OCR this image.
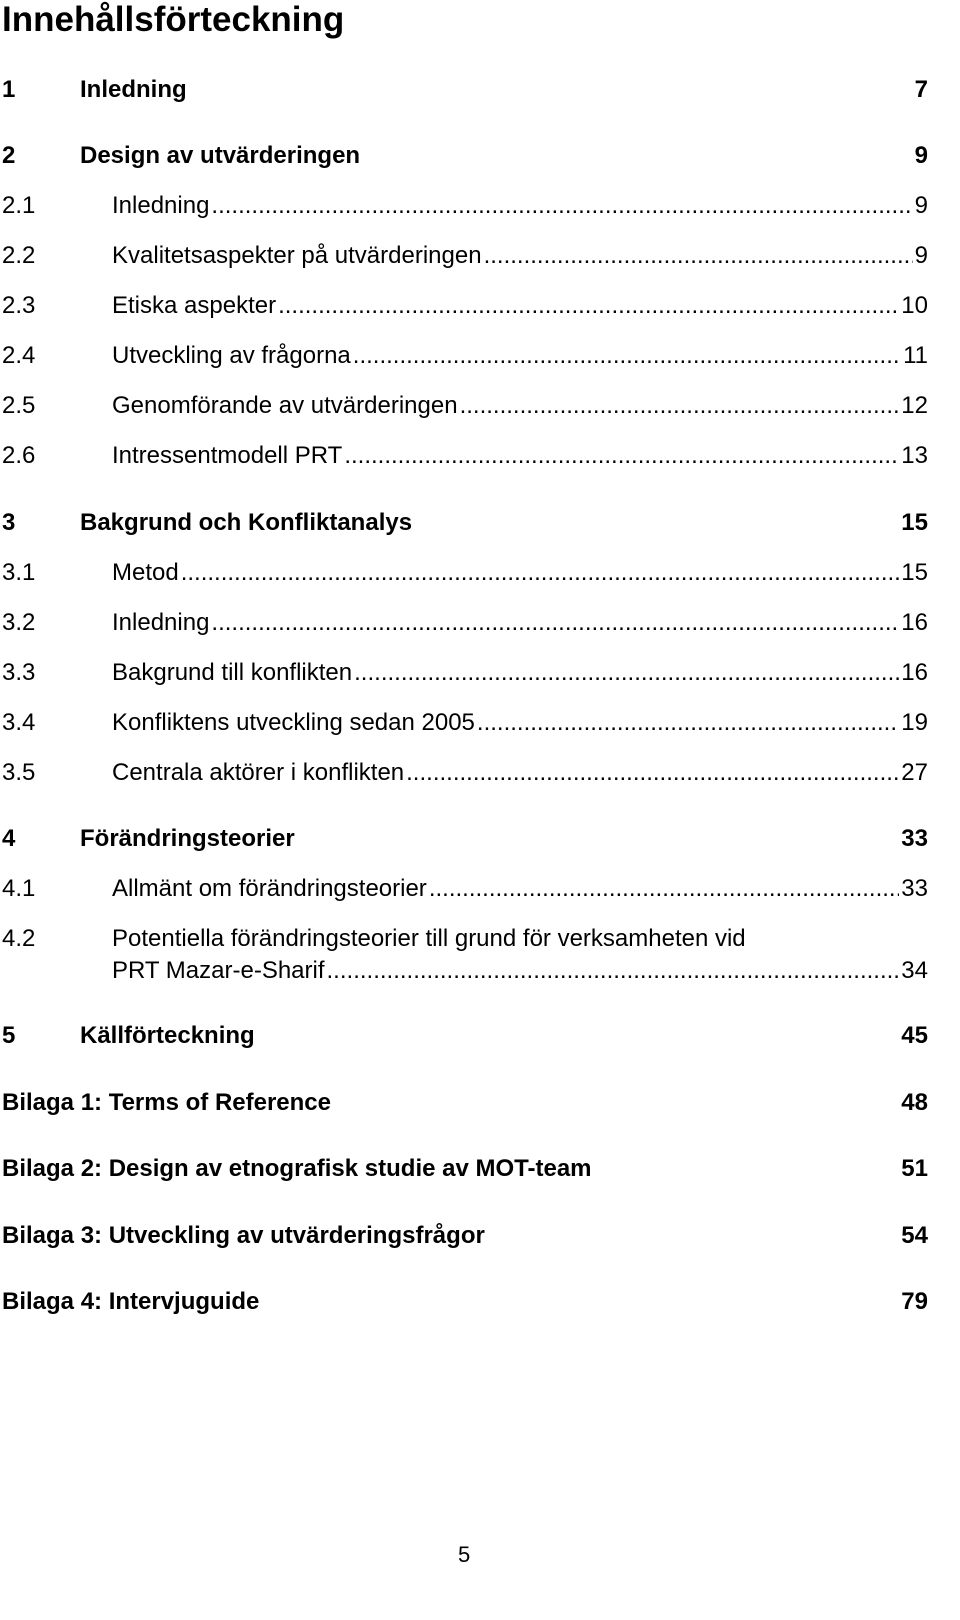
Innehållsförteckning
1	Inledning	7
2	Design av utvärderingen	9
2.1	Inledning .....	9
2.2	Kvalitetsaspekter på utvärderingen .....	9
2.3	Etiska aspekter .....	10
2.4	Utveckling av frågorna .....	11
2.5	Genomförande av utvärderingen .....	12
2.6	Intressentmodell PRT .....	13
3	Bakgrund och Konfliktanalys	15
3.1	Metod .....	15
3.2	Inledning .....	16
3.3	Bakgrund till konflikten .....	16
3.4	Konfliktens utveckling sedan 2005 .....	19
3.5	Centrala aktörer i konflikten .....	27
4	Förändringsteorier	33
4.1	Allmänt om förändringsteorier .....	33
4.2	Potentiella förändringsteorier till grund för verksamheten vid
PRT Mazar-e-Sharif .....	34
5	Källförteckning	45
Bilaga 1: Terms of Reference	48
Bilaga 2: Design av etnografisk studie av MOT-team	51
Bilaga 3: Utveckling av utvärderingsfrågor	54
Bilaga 4: Intervjuguide	79
5
